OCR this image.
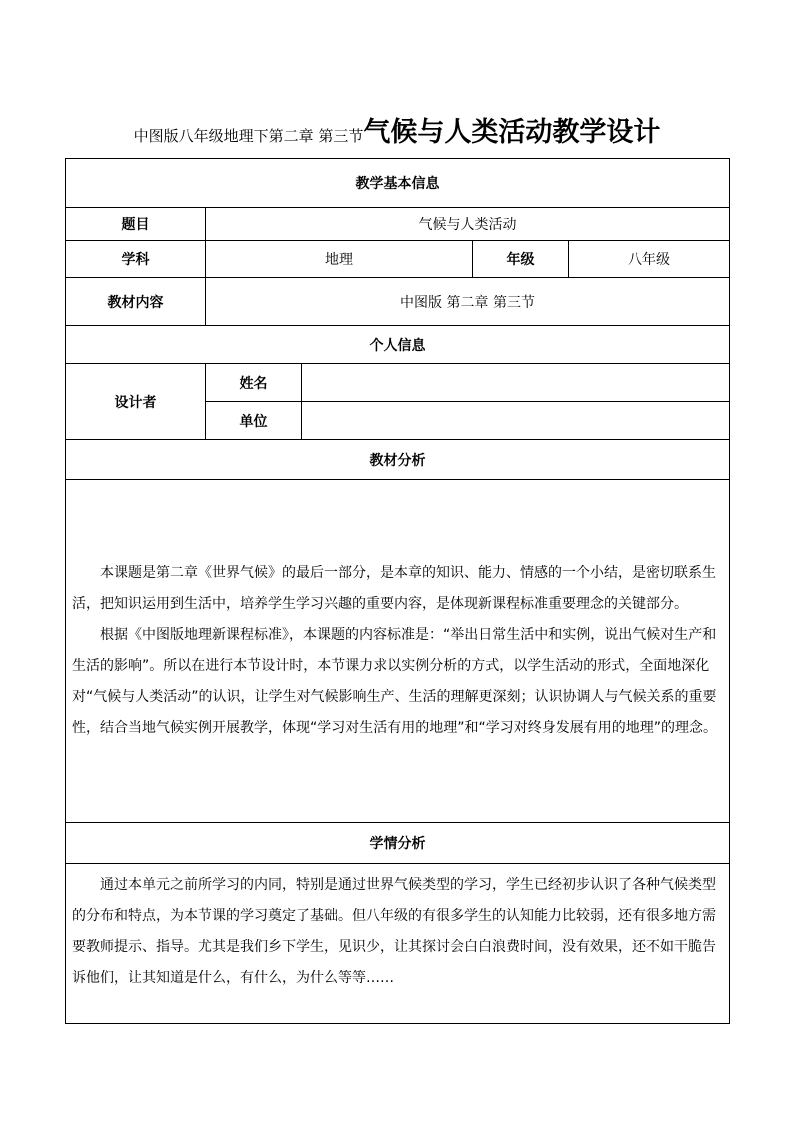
中图版八年级地理下第二章 第三节气候与人类活动教学设计
教学基本信息				
题目	气候与人类活动			
学科	地理		年级	八年级
教材内容	中图版 第二章 第三节			
个人信息				
设计者	姓名			
	单位			
教材分析				

本课题是第二章《世界气候》的最后一部分，是本章的知识、能力、情感的一个小结，是密切联系生活，把知识运用到生活中，培养学生学习兴趣的重要内容，是体现新课程标准重要理念的关键部分。

根据《中图版地理新课程标准》，本课题的内容标准是：“举出日常生活中和实例，说出气候对生产和生活的影响”。所以在进行本节设计时，本节课力求以实例分析的方式，以学生活动的形式，全面地深化对“气候与人类活动”的认识，让学生对气候影响生产、生活的理解更深刻；认识协调人与气候关系的重要性，结合当地气候实例开展教学，体现“学习对生活有用的地理”和“学习对终身发展有用的地理”的理念。				

学情分析				

通过本单元之前所学习的内同，特别是通过世界气候类型的学习，学生已经初步认识了各种气候类型的分布和特点，为本节课的学习奠定了基础。但八年级的有很多学生的认知能力比较弱，还有很多地方需要教师提示、指导。尤其是我们乡下学生，见识少，让其探讨会白白浪费时间，没有效果，还不如干脆告诉他们，让其知道是什么，有什么，为什么等等……				
